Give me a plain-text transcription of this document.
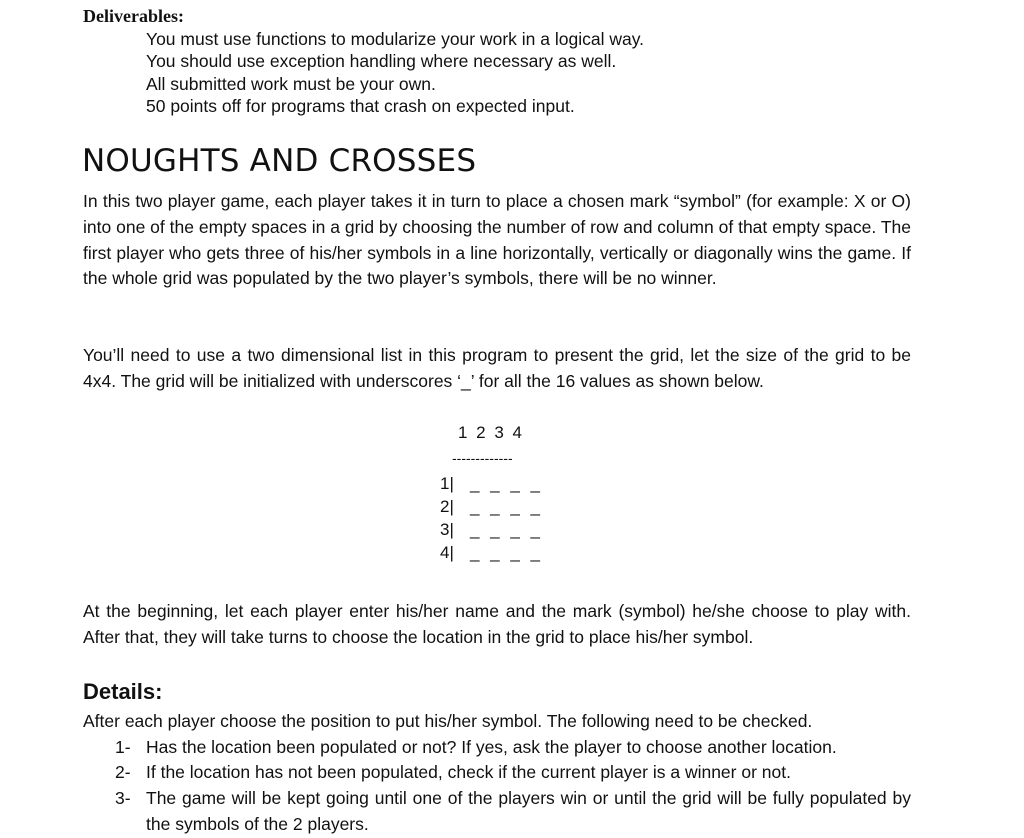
Deliverables:
You must use functions to modularize your work in a logical way.
You should use exception handling where necessary as well.
All submitted work must be your own.
50 points off for programs that crash on expected input.
NOUGHTS AND CROSSES

In this two player game, each player takes it in turn to place a chosen mark “symbol” (for example: X or O) into one of the empty spaces in a grid by choosing the number of row and column of that empty space. The first player who gets three of his/her symbols in a line horizontally, vertically or diagonally wins the game. If the whole grid was populated by the two player’s symbols, there will be no winner.

You’ll need to use a two dimensional list in this program to present the grid, let the size of the grid to be 4x4. The grid will be initialized with underscores ‘_’ for all the 16 values as shown below.

1 2 3 4

-------------

1| _ _ _ _
2| _ _ _ _
3| _ _ _ _
4| _ _ _ _

At the beginning, let each player enter his/her name and the mark (symbol) he/she choose to play with. After that, they will take turns to choose the location in the grid to place his/her symbol.

Details:

After each player choose the position to put his/her symbol. The following need to be checked.

1- Has the location been populated or not? If yes, ask the player to choose another location.
2- If the location has not been populated, check if the current player is a winner or not.
3- The game will be kept going until one of the players win or until the grid will be fully populated by the symbols of the 2 players.
